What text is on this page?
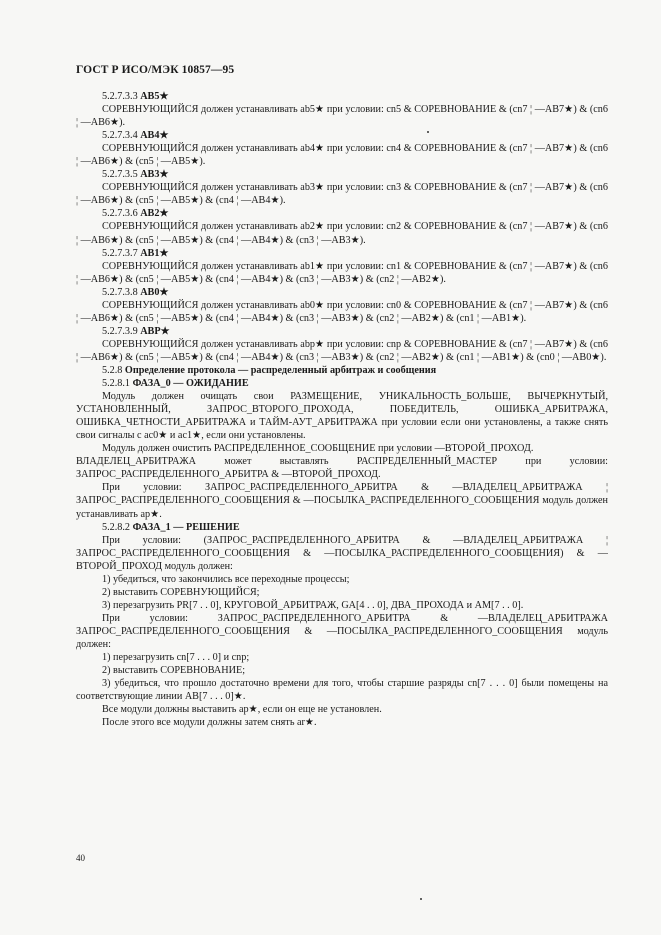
ГОСТ Р ИСО/МЭК 10857—95

5.2.7.3.3 АВ5★

СОРЕВНУЮЩИЙСЯ должен устанавливать ab5★ при условии: cn5 & СОРЕВНОВАНИЕ & (cn7 ¦ —AB7★) & (cn6 ¦ —AB6★).

5.2.7.3.4 АВ4★

СОРЕВНУЮЩИЙСЯ должен устанавливать ab4★ при условии: cn4 & СОРЕВНОВАНИЕ & (cn7 ¦ —AB7★) & (cn6 ¦ —AB6★) & (cn5 ¦ —AB5★).

5.2.7.3.5 АВ3★

СОРЕВНУЮЩИЙСЯ должен устанавливать ab3★ при условии: cn3 & СОРЕВНОВАНИЕ & (cn7 ¦ —AB7★) & (cn6 ¦ —AB6★) & (cn5 ¦ —AB5★) & (cn4 ¦ —AB4★).

5.2.7.3.6 АВ2★

СОРЕВНУЮЩИЙСЯ должен устанавливать ab2★ при условии: cn2 & СОРЕВНОВАНИЕ & (cn7 ¦ —AB7★) & (cn6 ¦ —AB6★) & (cn5 ¦ —AB5★) & (cn4 ¦ —AB4★) & (cn3 ¦ —AB3★).

5.2.7.3.7 АВ1★

СОРЕВНУЮЩИЙСЯ должен устанавливать ab1★ при условии: cn1 & СОРЕВНОВАНИЕ & (cn7 ¦ —AB7★) & (cn6 ¦ —AB6★) & (cn5 ¦ —AB5★) & (cn4 ¦ —AB4★) & (cn3 ¦ —AB3★) & (cn2 ¦ —AB2★).

5.2.7.3.8 АВ0★

СОРЕВНУЮЩИЙСЯ должен устанавливать ab0★ при условии: cn0 & СОРЕВНОВАНИЕ & (cn7 ¦ —AB7★) & (cn6 ¦ —AB6★) & (cn5 ¦ —AB5★) & (cn4 ¦ —AB4★) & (cn3 ¦ —AB3★) & (cn2 ¦ —AB2★) & (cn1 ¦ —AB1★).

5.2.7.3.9 АВР★

СОРЕВНУЮЩИЙСЯ должен устанавливать abp★ при условии: cnp & СОРЕВНОВАНИЕ & (cn7 ¦ —AB7★) & (cn6 ¦ —AB6★) & (cn5 ¦ —AB5★) & (cn4 ¦ —AB4★) & (cn3 ¦ —AB3★) & (cn2 ¦ —AB2★) & (cn1 ¦ —AB1★) & (cn0 ¦ —AB0★).

5.2.8 Определение протокола — распределенный арбитраж и сообщения

5.2.8.1 ФАЗА_0 — ОЖИДАНИЕ

Модуль должен очищать свои РАЗМЕЩЕНИЕ, УНИКАЛЬНОСТЬ_БОЛЬШЕ, ВЫЧЕРКНУТЫЙ, УСТАНОВЛЕННЫЙ, ЗАПРОС_ВТОРОГО_ПРОХОДА, ПОБЕДИТЕЛЬ, ОШИБКА_АРБИТРАЖА, ОШИБКА_ЧЕТНОСТИ_АРБИТРАЖА и ТАЙМ-АУТ_АРБИТРАЖА при условии если они установлены, а также снять свои сигналы с ас0★ и ас1★, если они установлены.

Модуль должен очистить РАСПРЕДЕЛЕННОЕ_СООБЩЕНИЕ при условии —ВТОРОЙ_ПРОХОД.

ВЛАДЕЛЕЦ_АРБИТРАЖА может выставлять РАСПРЕДЕЛЕННЫЙ_МАСТЕР при условии: ЗАПРОС_РАСПРЕДЕЛЕННОГО_АРБИТРА & —ВТОРОЙ_ПРОХОД.

При условии: ЗАПРОС_РАСПРЕДЕЛЕННОГО_АРБИТРА & —ВЛАДЕЛЕЦ_АРБИТРАЖА ¦ ЗАПРОС_РАСПРЕДЕЛЕННОГО_СООБЩЕНИЯ & —ПОСЫЛКА_РАСПРЕДЕЛЕННОГО_СООБЩЕНИЯ модуль должен устанавливать ар★.

5.2.8.2 ФАЗА_1 — РЕШЕНИЕ

При условии: (ЗАПРОС_РАСПРЕДЕЛЕННОГО_АРБИТРА & —ВЛАДЕЛЕЦ_АРБИТРАЖА ¦ ЗАПРОС_РАСПРЕДЕЛЕННОГО_СООБЩЕНИЯ & —ПОСЫЛКА_РАСПРЕДЕЛЕННОГО_СООБЩЕНИЯ) & —ВТОРОЙ_ПРОХОД модуль должен:

1) убедиться, что закончились все переходные процессы;

2) выставить СОРЕВНУЮЩИЙСЯ;

3) перезагрузить PR[7 . . 0], КРУГОВОЙ_АРБИТРАЖ, GA[4 . . 0], ДВА_ПРОХОДА и АМ[7 . . 0].

При условии: ЗАПРОС_РАСПРЕДЕЛЕННОГО_АРБИТРА & —ВЛАДЕЛЕЦ_АРБИТРАЖА ЗАПРОС_РАСПРЕДЕЛЕННОГО_СООБЩЕНИЯ & —ПОСЫЛКА_РАСПРЕДЕЛЕННОГО_СООБЩЕНИЯ модуль должен:

1) перезагрузить cn[7 . . . 0] и cnp;

2) выставить СОРЕВНОВАНИЕ;

3) убедиться, что прошло достаточно времени для того, чтобы старшие разряды cn[7 . . . 0] были помещены на соответствующие линии AB[7 . . . 0]★.

Все модули должны выставить ар★, если он еще не установлен.

После этого все модули должны затем снять ar★.

40
